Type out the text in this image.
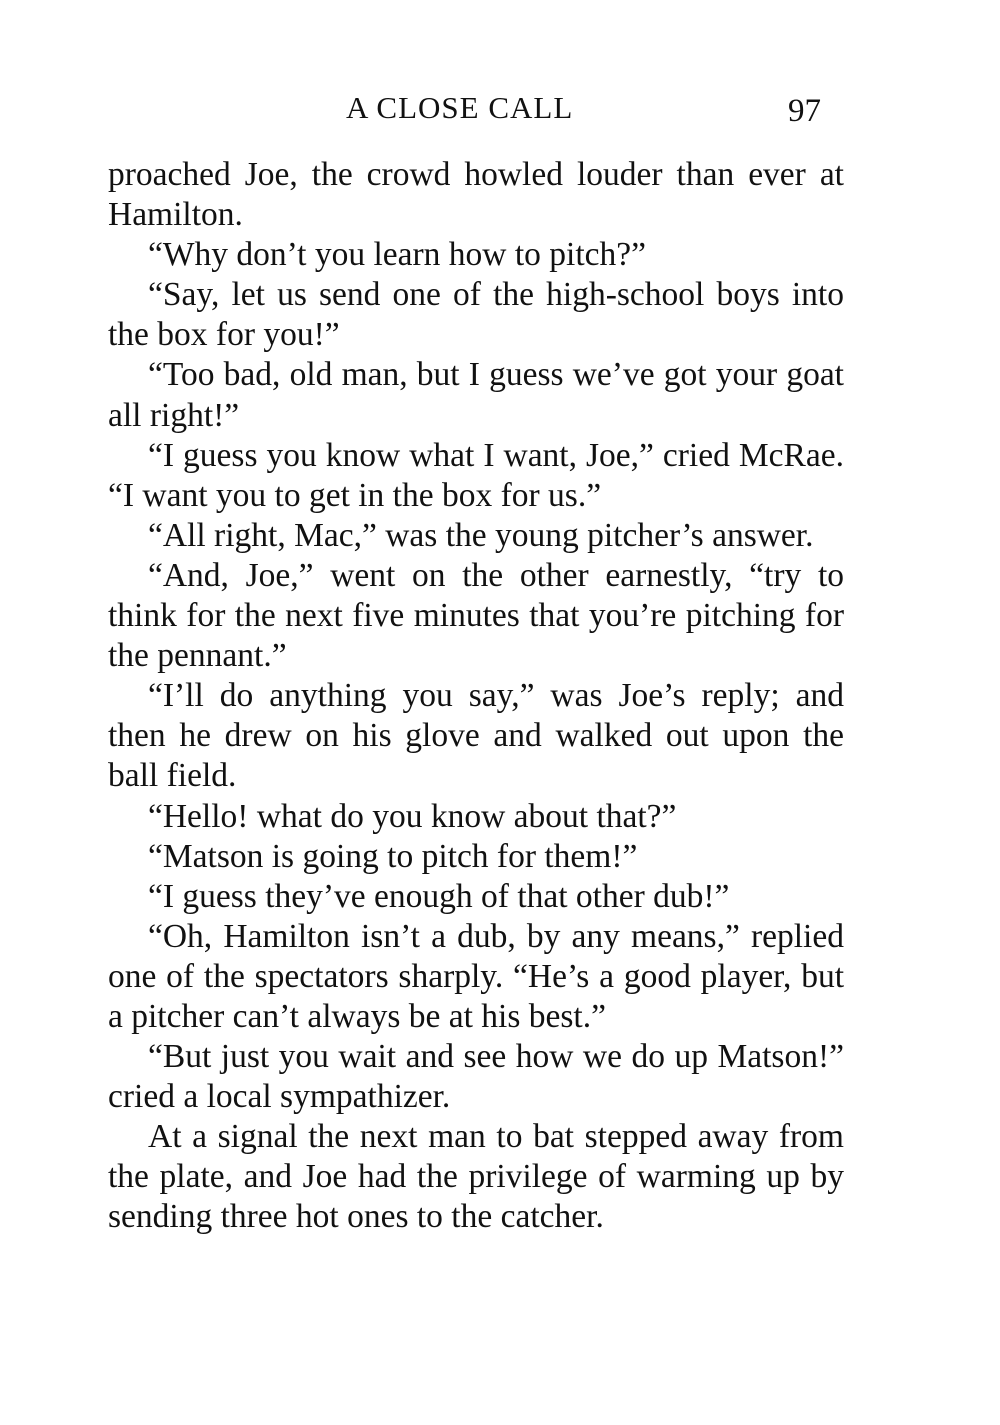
A CLOSE CALL	97

proached Joe, the crowd howled louder than ever at Hamilton.

“Why don’t you learn how to pitch?”

“Say, let us send one of the high-school boys into the box for you!”

“Too bad, old man, but I guess we’ve got your goat all right!”

“I guess you know what I want, Joe,” cried McRae. “I want you to get in the box for us.”

“All right, Mac,” was the young pitcher’s answer.

“And, Joe,” went on the other earnestly, “try to think for the next five minutes that you’re pitching for the pennant.”

“I’ll do anything you say,” was Joe’s reply; and then he drew on his glove and walked out upon the ball field.

“Hello! what do you know about that?”

“Matson is going to pitch for them!”

“I guess they’ve enough of that other dub!”

“Oh, Hamilton isn’t a dub, by any means,” replied one of the spectators sharply. “He’s a good player, but a pitcher can’t always be at his best.”

“But just you wait and see how we do up Matson!” cried a local sympathizer.

At a signal the next man to bat stepped away from the plate, and Joe had the privilege of warming up by sending three hot ones to the catcher.
